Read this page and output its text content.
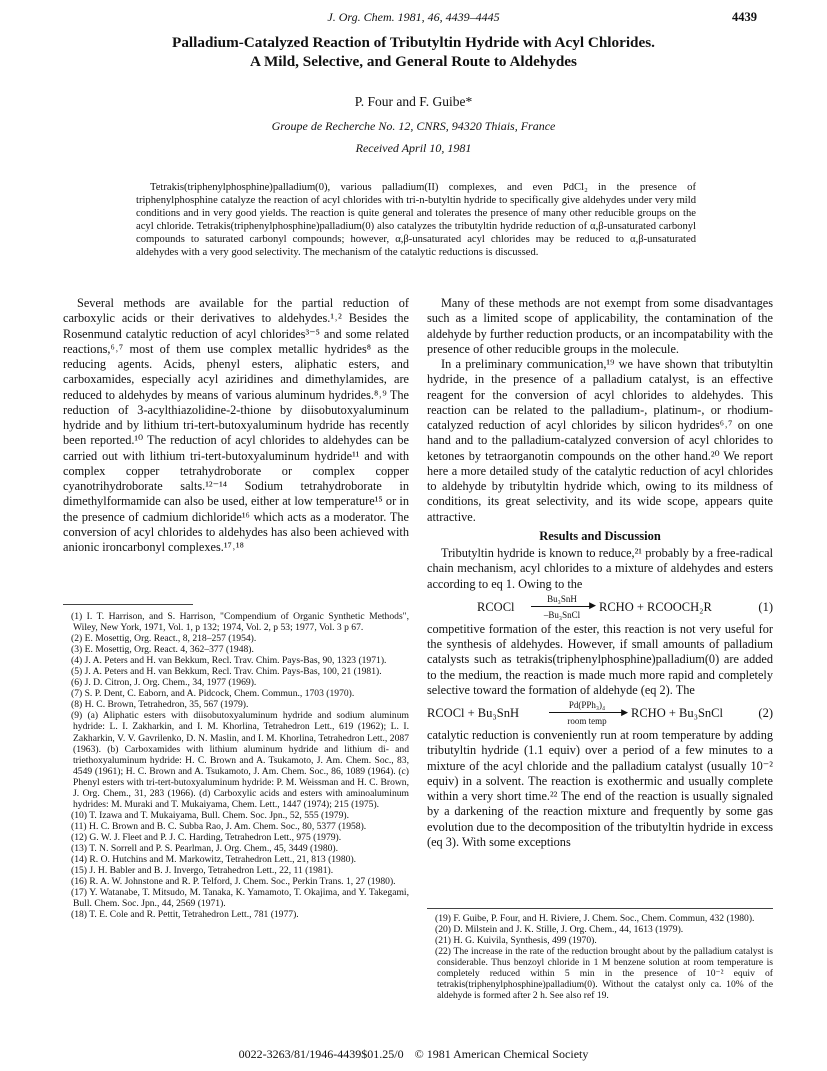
J. Org. Chem. 1981, 46, 4439–4445	4439
Palladium-Catalyzed Reaction of Tributyltin Hydride with Acyl Chlorides.
A Mild, Selective, and General Route to Aldehydes
P. Four and F. Guibe*
Groupe de Recherche No. 12, CNRS, 94320 Thiais, France
Received April 10, 1981
Tetrakis(triphenylphosphine)palladium(0), various palladium(II) complexes, and even PdCl₂ in the presence of triphenylphosphine catalyze the reaction of acyl chlorides with tri-n-butyltin hydride to specifically give aldehydes under very mild conditions and in very good yields. The reaction is quite general and tolerates the presence of many other reducible groups on the acyl chloride. Tetrakis(triphenylphosphine)palladium(0) also catalyzes the tributyltin hydride reduction of α,β-unsaturated carbonyl compounds to saturated carbonyl compounds; however, α,β-unsaturated acyl chlorides may be reduced to α,β-unsaturated aldehydes with a very good selectivity. The mechanism of the catalytic reductions is discussed.

Several methods are available for the partial reduction of carboxylic acids or their derivatives to aldehydes.¹˒² Besides the Rosenmund catalytic reduction of acyl chlorides³⁻⁵ and some related reactions,⁶˒⁷ most of them use complex metallic hydrides⁸ as the reducing agents. Acids, phenyl esters, aliphatic esters, and carboxamides, especially acyl aziridines and dimethylamides, are reduced to aldehydes by means of various aluminum hydrides.⁸˒⁹ The reduction of 3-acylthiazolidine-2-thione by diisobutoxyaluminum hydride and by lithium tri-tert-butoxyaluminum hydride has recently been reported.¹⁰ The reduction of acyl chlorides to aldehydes can be carried out with lithium tri-tert-butoxyaluminum hydride¹¹ and with complex copper tetrahydroborate or complex copper cyanotrihydroborate salts.¹²⁻¹⁴ Sodium tetrahydroborate in dimethylformamide can also be used, either at low temperature¹⁵ or in the presence of cadmium dichloride¹⁶ which acts as a moderator. The conversion of acyl chlorides to aldehydes has also been achieved with anionic ironcarbonyl complexes.¹⁷˒¹⁸

(1) I. T. Harrison, and S. Harrison, "Compendium of Organic Synthetic Methods", Wiley, New York, 1971, Vol. 1, p 132; 1974, Vol. 2, p 53; 1977, Vol. 3 p 67.

(2) E. Mosettig, Org. React., 8, 218–257 (1954).

(3) E. Mosettig, Org. React. 4, 362–377 (1948).

(4) J. A. Peters and H. van Bekkum, Recl. Trav. Chim. Pays-Bas, 90, 1323 (1971).

(5) J. A. Peters and H. van Bekkum, Recl. Trav. Chim. Pays-Bas, 100, 21 (1981).

(6) J. D. Citron, J. Org. Chem., 34, 1977 (1969).

(7) S. P. Dent, C. Eaborn, and A. Pidcock, Chem. Commun., 1703 (1970).

(8) H. C. Brown, Tetrahedron, 35, 567 (1979).

(9) (a) Aliphatic esters with diisobutoxyaluminum hydride and sodium aluminum hydride: L. I. Zakharkin, and I. M. Khorlina, Tetrahedron Lett., 619 (1962); L. I. Zakharkin, V. V. Gavrilenko, D. N. Maslin, and I. M. Khorlina, Tetrahedron Lett., 2087 (1963). (b) Carboxamides with lithium aluminum hydride and lithium di- and triethoxyaluminum hydride: H. C. Brown and A. Tsukamoto, J. Am. Chem. Soc., 83, 4549 (1961); H. C. Brown and A. Tsukamoto, J. Am. Chem. Soc., 86, 1089 (1964). (c) Phenyl esters with tri-tert-butoxyaluminum hydride: P. M. Weissman and H. C. Brown, J. Org. Chem., 31, 283 (1966). (d) Carboxylic acids and esters with aminoaluminum hydrides: M. Muraki and T. Mukaiyama, Chem. Lett., 1447 (1974); 215 (1975).

(10) T. Izawa and T. Mukaiyama, Bull. Chem. Soc. Jpn., 52, 555 (1979).

(11) H. C. Brown and B. C. Subba Rao, J. Am. Chem. Soc., 80, 5377 (1958).

(12) G. W. J. Fleet and P. J. C. Harding, Tetrahedron Lett., 975 (1979).

(13) T. N. Sorrell and P. S. Pearlman, J. Org. Chem., 45, 3449 (1980).

(14) R. O. Hutchins and M. Markowitz, Tetrahedron Lett., 21, 813 (1980).

(15) J. H. Babler and B. J. Invergo, Tetrahedron Lett., 22, 11 (1981).

(16) R. A. W. Johnstone and R. P. Telford, J. Chem. Soc., Perkin Trans. 1, 27 (1980).

(17) Y. Watanabe, T. Mitsudo, M. Tanaka, K. Yamamoto, T. Okajima, and Y. Takegami, Bull. Chem. Soc. Jpn., 44, 2569 (1971).

(18) T. E. Cole and R. Pettit, Tetrahedron Lett., 781 (1977).

Many of these methods are not exempt from some disadvantages such as a limited scope of applicability, the contamination of the aldehyde by further reduction products, or an incompatability with the presence of other reducible groups in the molecule.

In a preliminary communication,¹⁹ we have shown that tributyltin hydride, in the presence of a palladium catalyst, is an effective reagent for the conversion of acyl chlorides to aldehydes. This reaction can be related to the palladium-, platinum-, or rhodium-catalyzed reduction of acyl chlorides by silicon hydrides⁶˒⁷ on one hand and to the palladium-catalyzed conversion of acyl chlorides to ketones by tetraorganotin compounds on the other hand.²⁰ We report here a more detailed study of the catalytic reduction of acyl chlorides to aldehyde by tributyltin hydride which, owing to its mildness of conditions, its great selectivity, and its wide scope, appears quite attractive.

Results and Discussion

Tributyltin hydride is known to reduce,²¹ probably by a free-radical chain mechanism, acyl chlorides to a mixture of aldehydes and esters according to eq 1. Owing to the

RCOCl
Bu₃SnH
▶
–Bu₃SnCl
RCHO + RCOOCH₂R	(1)

competitive formation of the ester, this reaction is not very useful for the synthesis of aldehydes. However, if small amounts of palladium catalysts such as tetrakis(triphenylphosphine)palladium(0) are added to the medium, the reaction is made much more rapid and completely selective toward the formation of aldehyde (eq 2). The

RCOCl + Bu₃SnH
Pd(PPh₃)₄
▶
room temp
RCHO + Bu₃SnCl	(2)

catalytic reduction is conveniently run at room temperature by adding tributyltin hydride (1.1 equiv) over a period of a few minutes to a mixture of the acyl chloride and the palladium catalyst (usually 10⁻² equiv) in a solvent. The reaction is exothermic and usually complete within a very short time.²² The end of the reaction is usually signaled by a darkening of the reaction mixture and frequently by some gas evolution due to the decomposition of the tributyltin hydride in excess (eq 3). With some exceptions

(19) F. Guibe, P. Four, and H. Riviere, J. Chem. Soc., Chem. Commun, 432 (1980).

(20) D. Milstein and J. K. Stille, J. Org. Chem., 44, 1613 (1979).

(21) H. G. Kuivila, Synthesis, 499 (1970).

(22) The increase in the rate of the reduction brought about by the palladium catalyst is considerable. Thus benzoyl chloride in 1 M benzene solution at room temperature is completely reduced within 5 min in the presence of 10⁻² equiv of tetrakis(triphenylphosphine)palladium(0). Without the catalyst only ca. 10% of the aldehyde is formed after 2 h. See also ref 19.

0022-3263/81/1946-4439$01.25/0 © 1981 American Chemical Society
